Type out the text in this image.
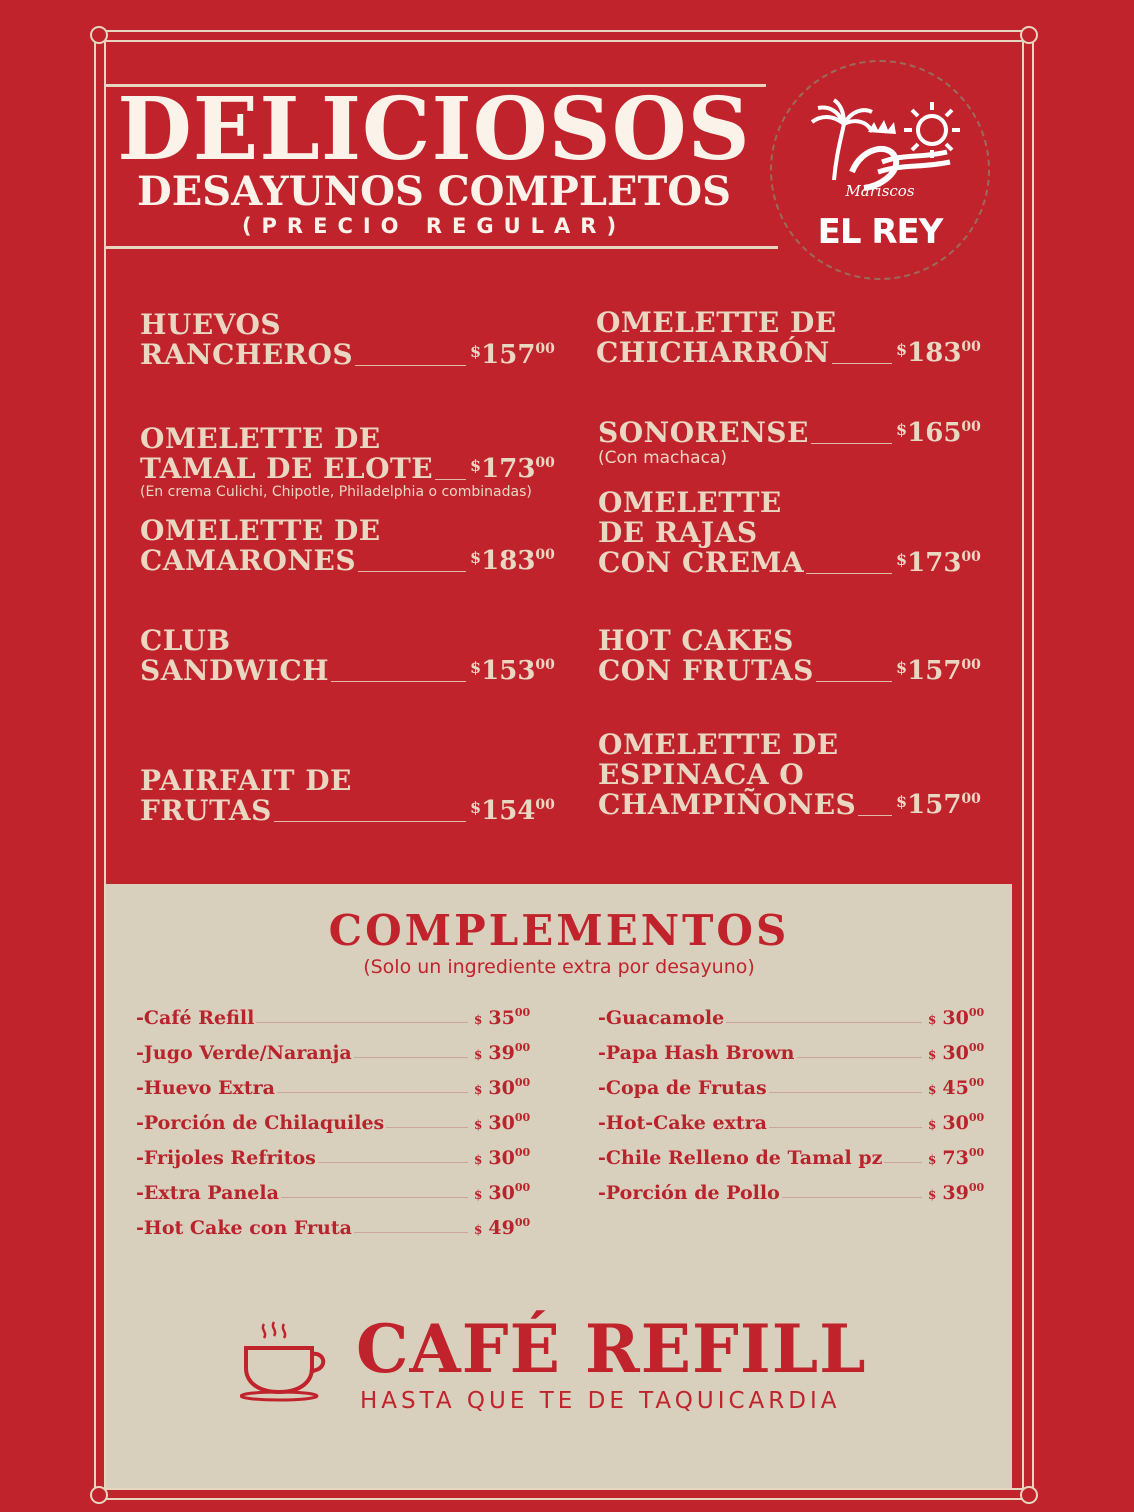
DELICIOSOS
DESAYUNOS COMPLETOS
(PRECIO REGULAR)
Mariscos
EL REY
HUEVOS
RANCHEROS	$^{\$}157^{00}$
OMELETTE DE
TAMAL DE ELOTE $^{\$}173^{00}$
(En crema Culichi, Chipotle, Philadelphia o combinadas)
OMELETTE DE
CAMARONES	$^{\$}183^{00}$
CLUB
SANDWICH	$^{\$}153^{00}$
PAIRFAIT DE
FRUTAS	$^{\$}154^{00}$
OMELETTE DE
CHICHARRÓN	$^{\$}183^{00}$
SONORENSE	$^{\$}165^{00}$
(Con machaca)
OMELETTE
DE RAJAS
CON CREMA	$^{\$}173^{00}$
HOT CAKES
CON FRUTAS	$^{\$}157^{00}$
OMELETTE DE
ESPINACA O
CHAMPIÑONES $^{\$}157^{00}$
COMPLEMENTOS
(Solo un ingrediente extra por desayuno)
-Café Refill	$ $35^{00}$
-Jugo Verde/Naranja	$ $39^{00}$
-Huevo Extra	$ $30^{00}$
-Porción de Chilaquiles	$ $30^{00}$
-Frijoles Refritos	$ $30^{00}$
-Extra Panela	$ $30^{00}$
-Hot Cake con Fruta	$ $49^{00}$
-Guacamole	$ $30^{00}$
-Papa Hash Brown	$ $30^{00}$
-Copa de Frutas	$ $45^{00}$
-Hot-Cake extra	$ $30^{00}$
-Chile Relleno de Tamal pz	$ $73^{00}$
-Porción de Pollo	$ $39^{00}$
CAFÉ REFILL
HASTA QUE TE DE TAQUICARDIA
